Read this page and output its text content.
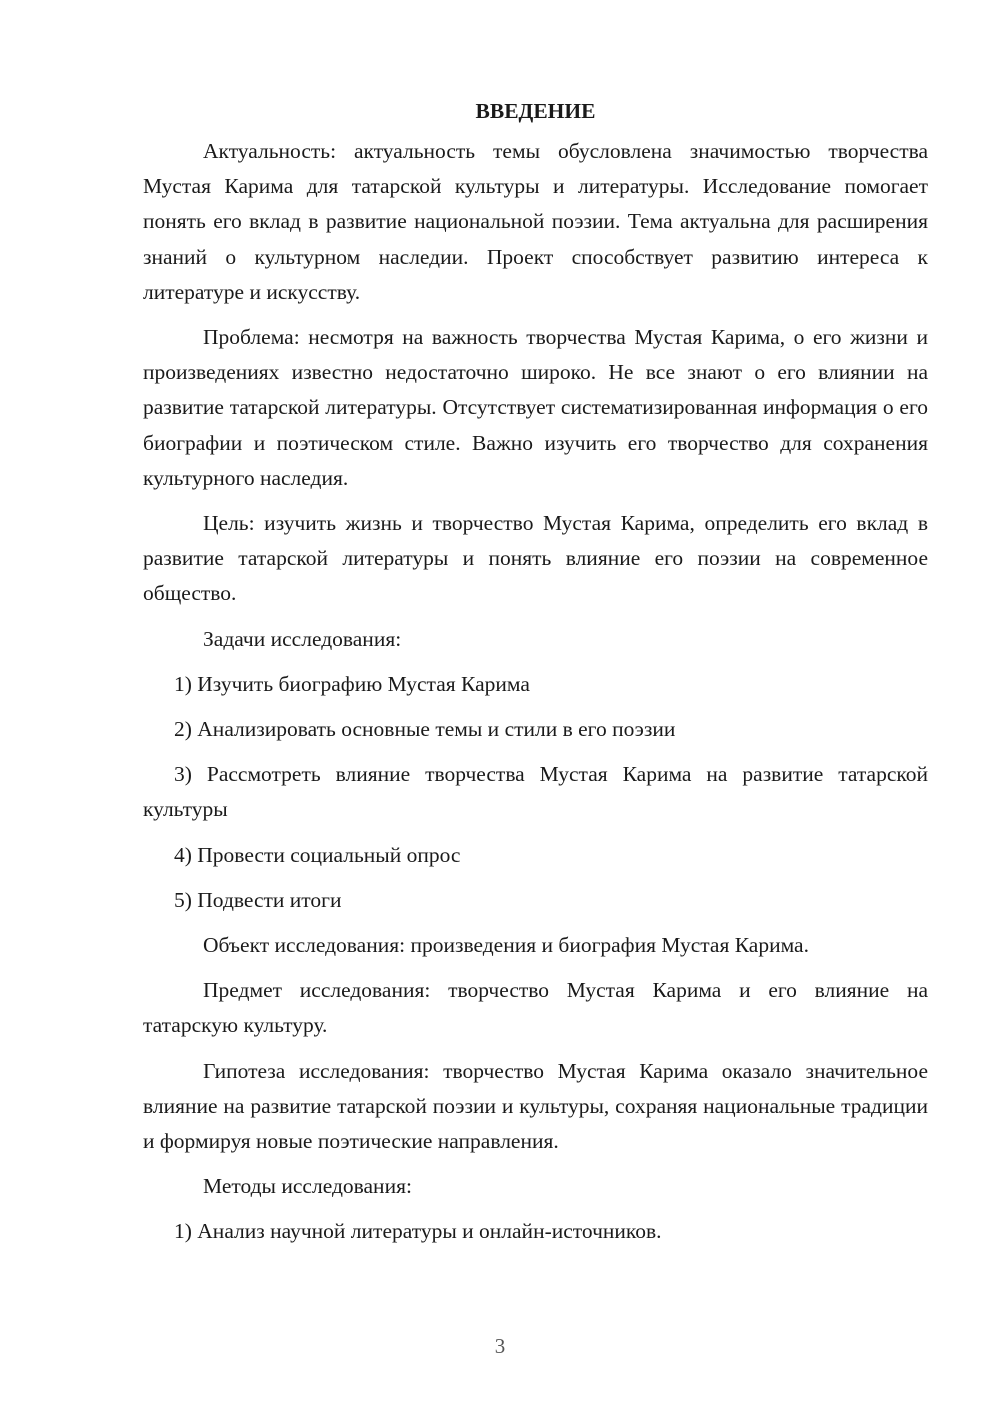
ВВЕДЕНИЕ

Актуальность: актуальность темы обусловлена значимостью творчества Мустая Карима для татарской культуры и литературы. Исследование помогает понять его вклад в развитие национальной поэзии. Тема актуальна для расширения знаний о культурном наследии. Проект способствует развитию интереса к литературе и искусству.

Проблема: несмотря на важность творчества Мустая Карима, о его жизни и произведениях известно недостаточно широко. Не все знают о его влиянии на развитие татарской литературы. Отсутствует систематизированная информация о его биографии и поэтическом стиле. Важно изучить его творчество для сохранения культурного наследия.

Цель: изучить жизнь и творчество Мустая Карима, определить его вклад в развитие татарской литературы и понять влияние его поэзии на современное общество.

Задачи исследования:

1) Изучить биографию Мустая Карима

2) Анализировать основные темы и стили в его поэзии

3) Рассмотреть влияние творчества Мустая Карима на развитие татарской культуры

4) Провести социальный опрос

5) Подвести итоги

Объект исследования: произведения и биография Мустая Карима.

Предмет исследования: творчество Мустая Карима и его влияние на татарскую культуру.

Гипотеза исследования: творчество Мустая Карима оказало значительное влияние на развитие татарской поэзии и культуры, сохраняя национальные традиции и формируя новые поэтические направления.

Методы исследования:

1) Анализ научной литературы и онлайн-источников.

3
